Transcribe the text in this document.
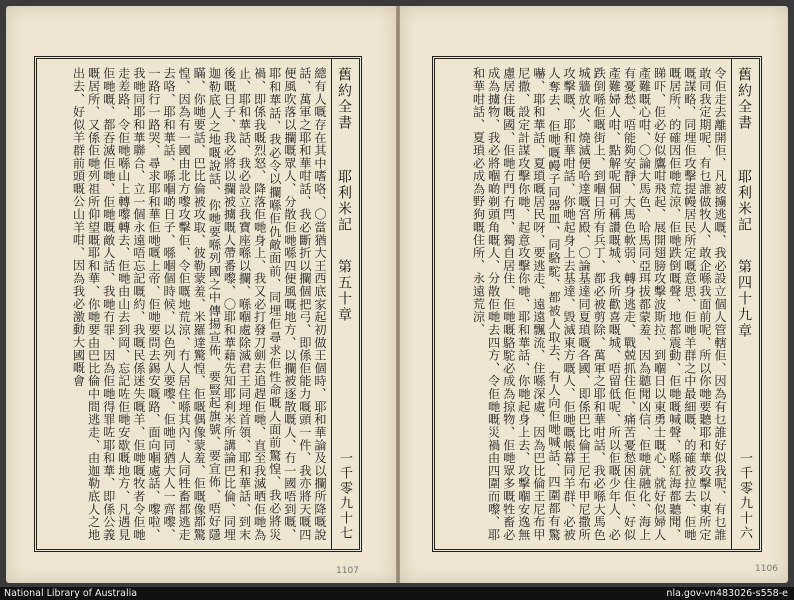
總有人嘅存在其中嗜咯、〇當猶大王西底家起初做王個時、耶和華論及以攔所降嘅說話、萬軍之耶和華咁話、我必斷折以攔個把弓、即係佢能力嘅頭一件、我亦將天嘅四便風吹落以攔嘅眾人、分散佢哋喺四便風嘅地方、以攔被逐散嘅人、冇一國唔到嘅、耶和華話、我必令以攔喺佢仇敵面前、同埋佢尋求佢性命嘅人面前驚惶、我必將災禍、即係我嘅烈怒、降落佢哋身上、我又必打發刀劍去追趕佢哋、直至我滅晒佢哋為止、耶和華話、我必設立我寶座喺以攔、喺嗰處除滅君王同埋首領、耶和華話、到末後嘅日子、我必將以攔被擄嘅人帶番嚟、〇耶和華藉先知耶利米所講論巴比倫、同埋迦勒底人之地嘅說話、你哋要喺列國之中傳揚宣佈、要豎起旗號、要宣佈、唔好隱瞞、你哋要話、巴比倫被攻取、彼勒蒙羞、米羅達驚惶、佢嘅偶像蒙羞、佢嘅像都驚惶、因為有一國由北方嚟攻擊佢、令佢嘅地荒涼、冇人居住喺其內、人同牲畜都逃走去咯、耶和華話、喺嗰啲日子、喺嗰個時候、以色列人要嚟、佢哋同猶大人一齊嚟、一路行一路哭、尋求耶和華佢哋嘅上帝、佢哋要問去錫安嘅路、面向嗰處話、嚟啦、我哋同耶和華聯合、立一個永遠唔忘記嘅約、我嘅民係迷失嘅羊、佢哋嘅牧者令佢哋走差路、令佢哋喺山上轉嚟轉去、佢哋由山去到岡、忘記咗佢哋安歇嘅地方、凡遇見佢哋嘅、都吞滅佢哋、佢哋嘅敵人話、我哋冇罪、因為佢哋得罪咗耶和華、即係公義嘅居所、又係佢哋列祖所仰望嘅耶和華、你哋要由巴比倫中間逃走、由迦勒底人之地出去、好似羊群前頭嘅公山羊咁、因為我必激動大國嘅會	舊約全書
耶利米記
第五十章
一千零九十七
1107
令佢走去離開佢、凡被擄逃嘅、我必設立個人管轄佢、因為有乜誰好似我呢、有乜誰敢同我定期呢、有乜誰做牧人、敢企喺我面前呢、所以你哋要聽耶和華攻擊以東所定嘅謀略、同埋佢攻擊提幔居民所定嘅意思、佢哋羊群之中最細嘅、的確被拉去、佢哋嘅居所、的確因佢哋荒涼、佢哋跌倒嘅聲、地都震動、佢哋嘅喊聲、喺紅海都聽聞、睇吓、佢必好似鷹咁飛起、展開翅膀攻擊波斯拉、到嗰日以東勇士嘅心、就好似婦人產難嘅心咁、〇論大馬色、哈馬同亞珥拔都蒙羞、因為聽聞凶信、佢哋就融化、海上有憂愁、唔能夠安靜、大馬色軟弱、轉身逃走、戰兢抓住佢、痛苦憂愁困住佢、好似產難婦人咁、點解呢個可稱讚嘅城、我所歡喜嘅城、唔留低呢、所以佢嘅少年人、必跌倒喺佢嘅街上、到嗰日所有兵丁、都必被剪除、萬軍之耶和華咁話、我必喺大馬色城牆放火、燒滅便哈達嘅宮殿、〇論基達同夏瑣嘅各國、即係巴比倫王尼布甲尼撒所攻擊嘅、耶和華咁話、你哋起身上去基達、毀滅東方嘅人、佢哋嘅帳幕同羊群、必被人奪去、佢哋嘅幔子同器皿、同駱駝、都被人取去、有人向佢哋喊話、四圍都有驚嚇、耶和華話、夏瑣嘅居民呀、要逃走、遠遠飄流、住喺深處、因為巴比倫王尼布甲尼撒、設定計謀攻擊你哋、起意攻擊你哋、耶和華話、你哋起身上去、攻擊嗰安逸無慮居住嘅國、佢哋冇門冇閂、獨自居住、佢哋嘅駱駝必成為掠物、佢哋眾多嘅牲畜必成為擄物、我必將嗰啲剃頭角嘅人、分散佢哋去四方、令佢哋嘅災禍由四圍而嚟、耶和華咁話、夏瑣必成為野狗嘅住所、永遠荒涼、	舊約全書
耶利米記
第四十九章
一千零九十六
1106
National Library of Australia	nla.gov-vn483026-s558-e
